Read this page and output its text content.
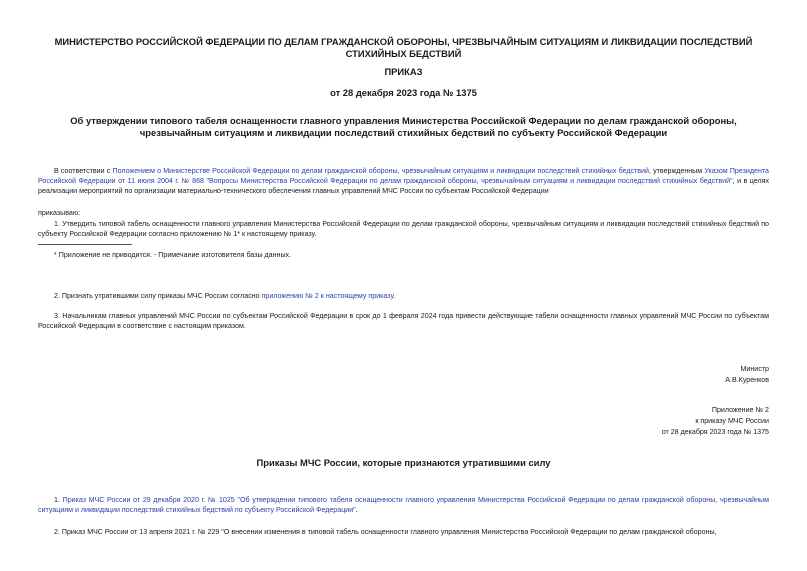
МИНИСТЕРСТВО РОССИЙСКОЙ ФЕДЕРАЦИИ ПО ДЕЛАМ ГРАЖДАНСКОЙ ОБОРОНЫ, ЧРЕЗВЫЧАЙНЫМ СИТУАЦИЯМ И ЛИКВИДАЦИИ ПОСЛЕДСТВИЙ СТИХИЙНЫХ БЕДСТВИЙ
ПРИКАЗ
от 28 декабря 2023 года № 1375
Об утверждении типового табеля оснащенности главного управления Министерства Российской Федерации по делам гражданской обороны, чрезвычайным ситуациям и ликвидации последствий стихийных бедствий по субъекту Российской Федерации
В соответствии с Положением о Министерстве Российской Федерации по делам гражданской обороны, чрезвычайным ситуациям и ликвидации последствий стихийных бедствий, утвержденным Указом Президента Российской Федерации от 11 июля 2004 г. № 868 "Вопросы Министерства Российской Федерации по делам гражданской обороны, чрезвычайным ситуациям и ликвидации последствий стихийных бедствий", и в целях реализации мероприятий по организации материально-технического обеспечения главных управлений МЧС России по субъектам Российской Федерации
приказываю:
1. Утвердить типовой табель оснащенности главного управления Министерства Российской Федерации по делам гражданской обороны, чрезвычайным ситуациям и ликвидации последствий стихийных бедствий по субъекту Российской Федерации согласно приложению № 1* к настоящему приказу.
* Приложение не приводится. - Примечание изготовителя базы данных.
2. Признать утратившими силу приказы МЧС России согласно приложению № 2 к настоящему приказу.
3. Начальникам главных управлений МЧС России по субъектам Российской Федерации в срок до 1 февраля 2024 года привести действующие табели оснащенности главных управлений МЧС России по субъектам Российской Федерации в соответствие с настоящим приказом.
Министр
А.В.Куренков
Приложение № 2
к приказу МЧС России
от 28 декабря 2023 года № 1375
Приказы МЧС России, которые признаются утратившими силу
1. Приказ МЧС России от 29 декабря 2020 г. № 1025 "Об утверждении типового табеля оснащенности главного управления Министерства Российской Федерации по делам гражданской обороны, чрезвычайным ситуациям и ликвидации последствий стихийных бедствий по субъекту Российской Федерации".
2. Приказ МЧС России от 13 апреля 2021 г. № 229 "О внесении изменения в типовой табель оснащенности главного управления Министерства Российской Федерации по делам гражданской обороны,
